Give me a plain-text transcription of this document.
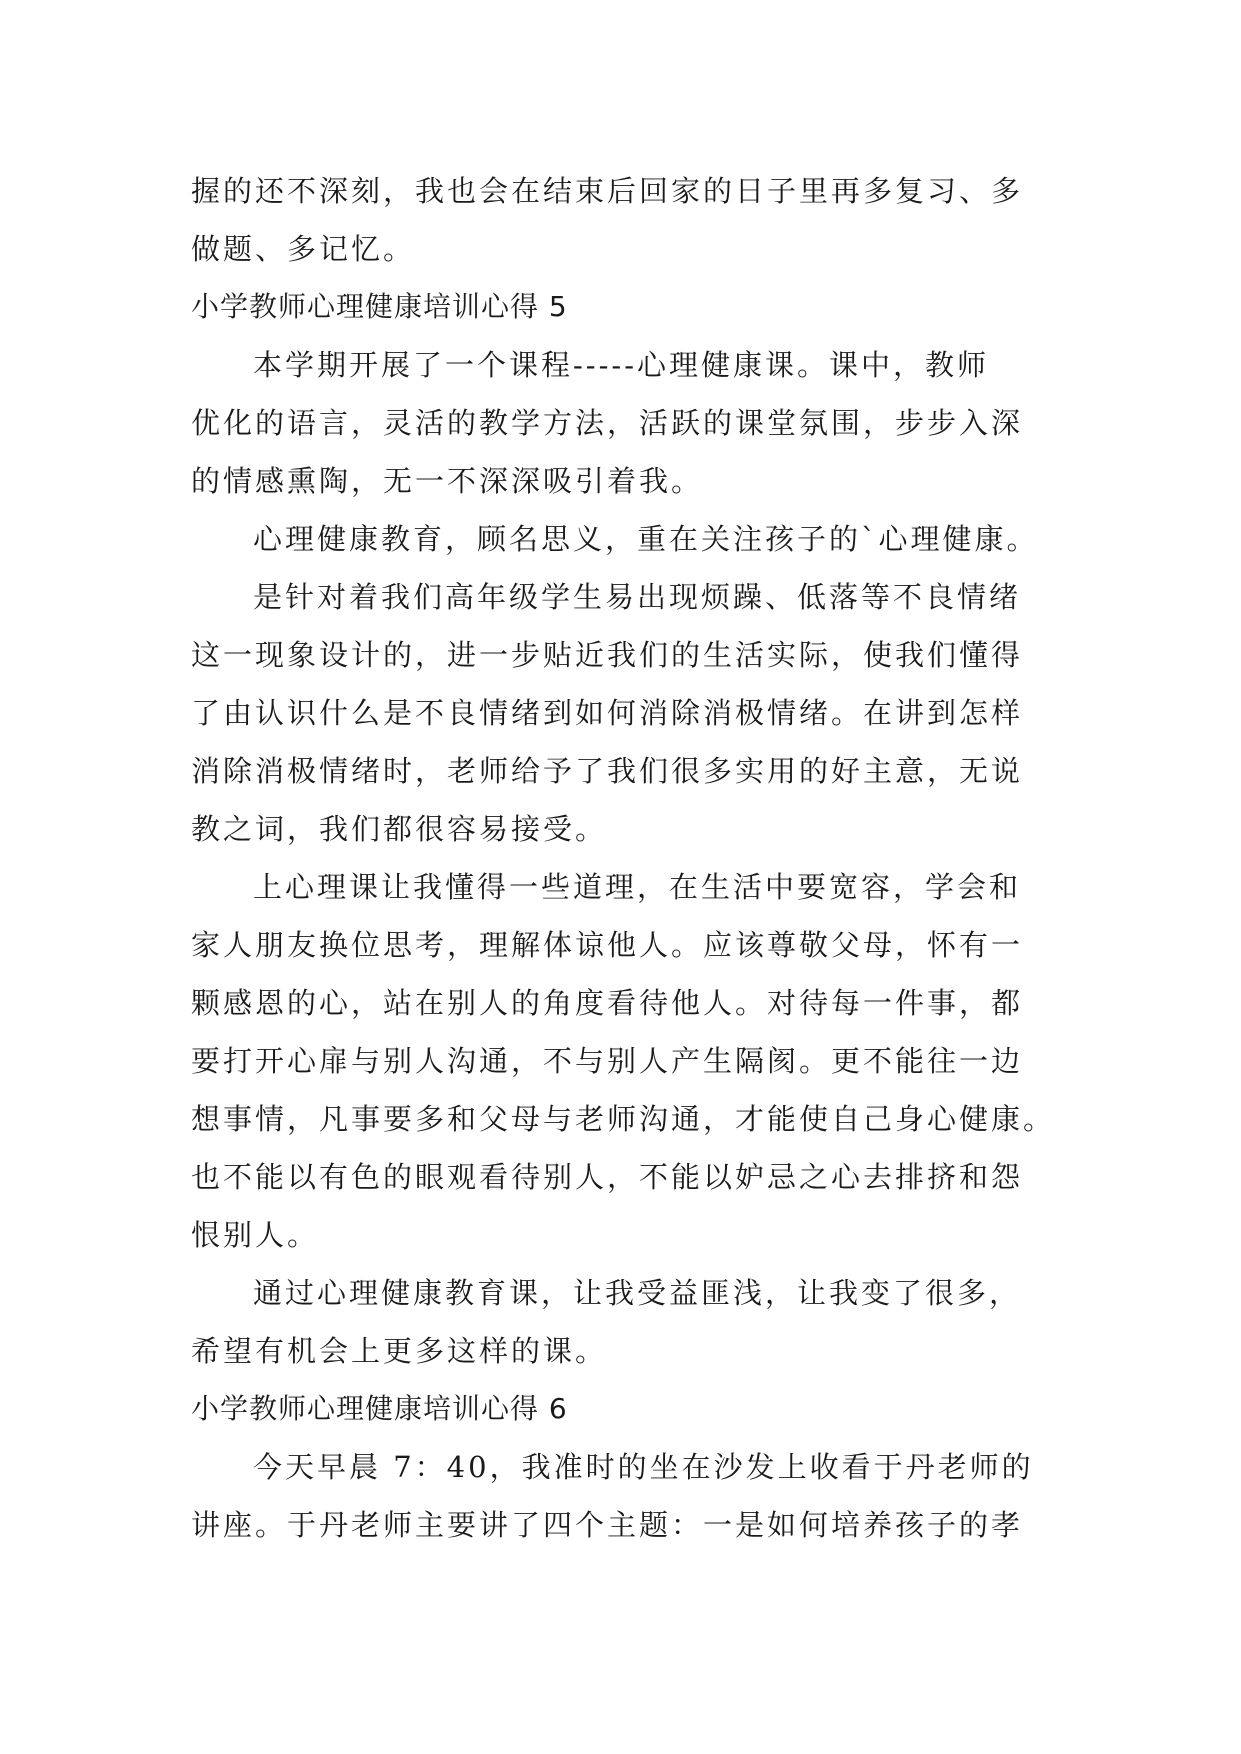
握的还不深刻，我也会在结束后回家的日子里再多复习、多
做题、多记忆。
小学教师心理健康培训心得 5
本学期开展了一个课程-----心理健康课。课中，教师
优化的语言，灵活的教学方法，活跃的课堂氛围，步步入深
的情感熏陶，无一不深深吸引着我。
心理健康教育，顾名思义，重在关注孩子的`心理健康。
是针对着我们高年级学生易出现烦躁、低落等不良情绪
这一现象设计的，进一步贴近我们的生活实际，使我们懂得
了由认识什么是不良情绪到如何消除消极情绪。在讲到怎样
消除消极情绪时，老师给予了我们很多实用的好主意，无说
教之词，我们都很容易接受。
上心理课让我懂得一些道理，在生活中要宽容，学会和
家人朋友换位思考，理解体谅他人。应该尊敬父母，怀有一
颗感恩的心，站在别人的角度看待他人。对待每一件事，都
要打开心扉与别人沟通，不与别人产生隔阂。更不能往一边
想事情，凡事要多和父母与老师沟通，才能使自己身心健康。
也不能以有色的眼观看待别人，不能以妒忌之心去排挤和怨
恨别人。
通过心理健康教育课，让我受益匪浅，让我变了很多，
希望有机会上更多这样的课。
小学教师心理健康培训心得 6
今天早晨 7：40，我准时的坐在沙发上收看于丹老师的
讲座。于丹老师主要讲了四个主题：一是如何培养孩子的孝
